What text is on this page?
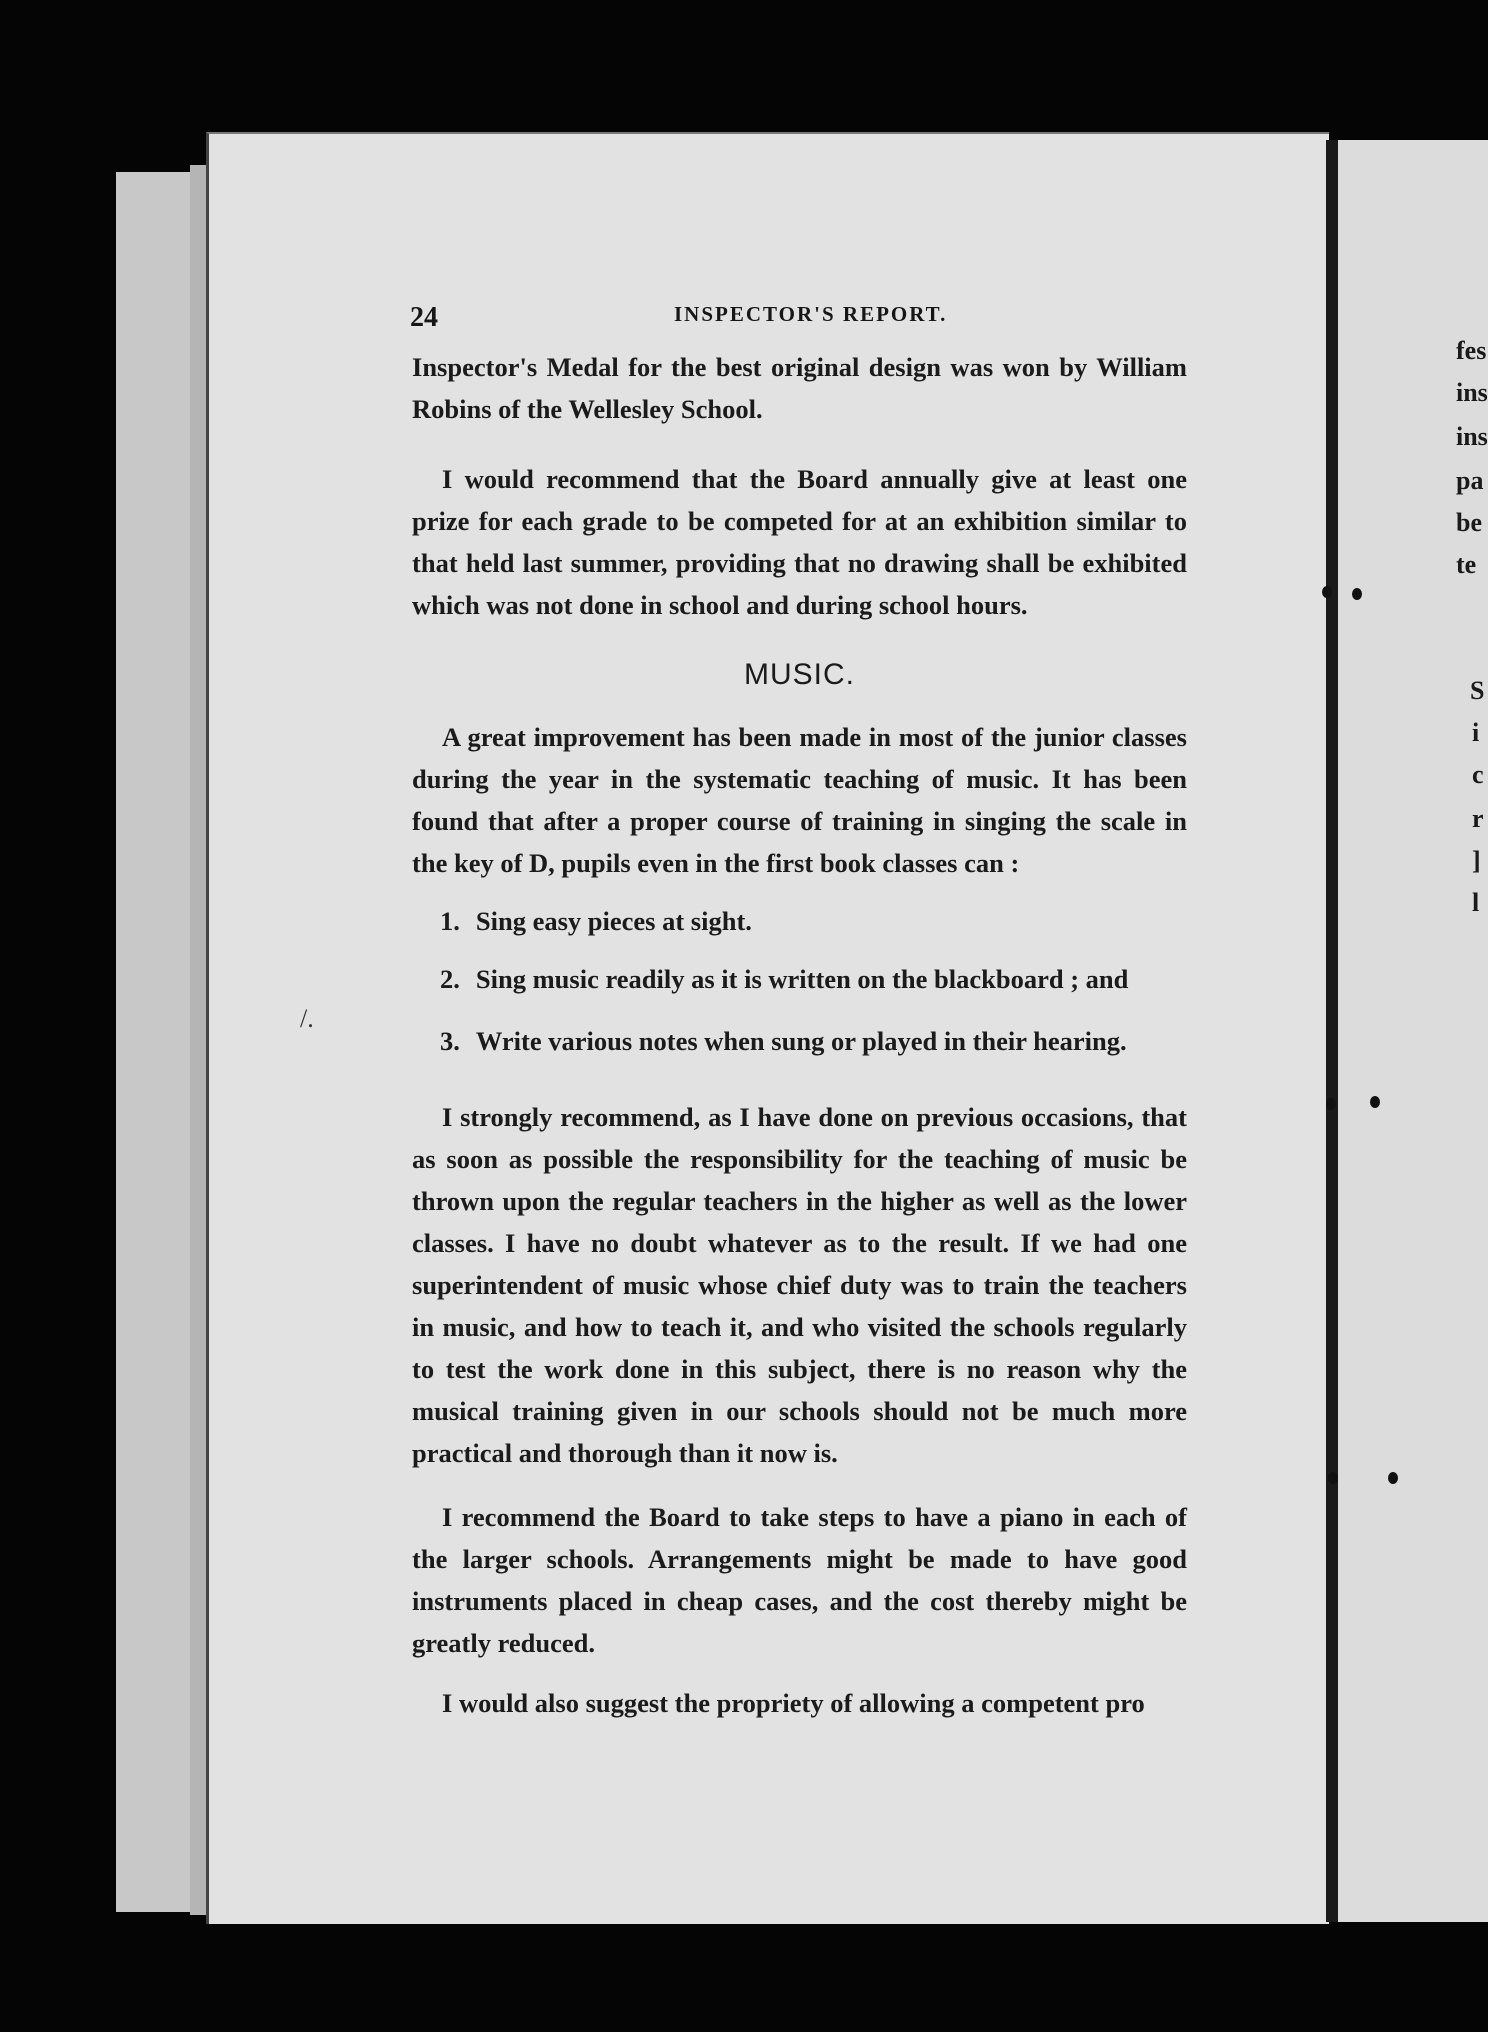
fes
ins
ins
pa
be
te
S
i
c
r
]
l
24	INSPECTOR'S REPORT.

Inspector's Medal for the best original design was won by William Robins of the Wellesley School.

I would recommend that the Board annually give at least one prize for each grade to be competed for at an exhibition similar to that held last summer, providing that no drawing shall be exhibited which was not done in school and during school hours.

MUSIC.

A great improvement has been made in most of the junior classes during the year in the systematic teaching of music. It has been found that after a proper course of training in singing the scale in the key of D, pupils even in the first book classes can :

1. Sing easy pieces at sight.
2. Sing music readily as it is written on the blackboard ; and
3. Write various notes when sung or played in their hearing.

I strongly recommend, as I have done on previous occasions, that as soon as possible the responsibility for the teaching of music be thrown upon the regular teachers in the higher as well as the lower classes. I have no doubt whatever as to the result. If we had one superintendent of music whose chief duty was to train the teachers in music, and how to teach it, and who visited the schools regularly to test the work done in this subject, there is no reason why the musical training given in our schools should not be much more practical and thorough than it now is.

I recommend the Board to take steps to have a piano in each of the larger schools. Arrangements might be made to have good instruments placed in cheap cases, and the cost thereby might be greatly reduced.

I would also suggest the propriety of allowing a competent pro

/.
